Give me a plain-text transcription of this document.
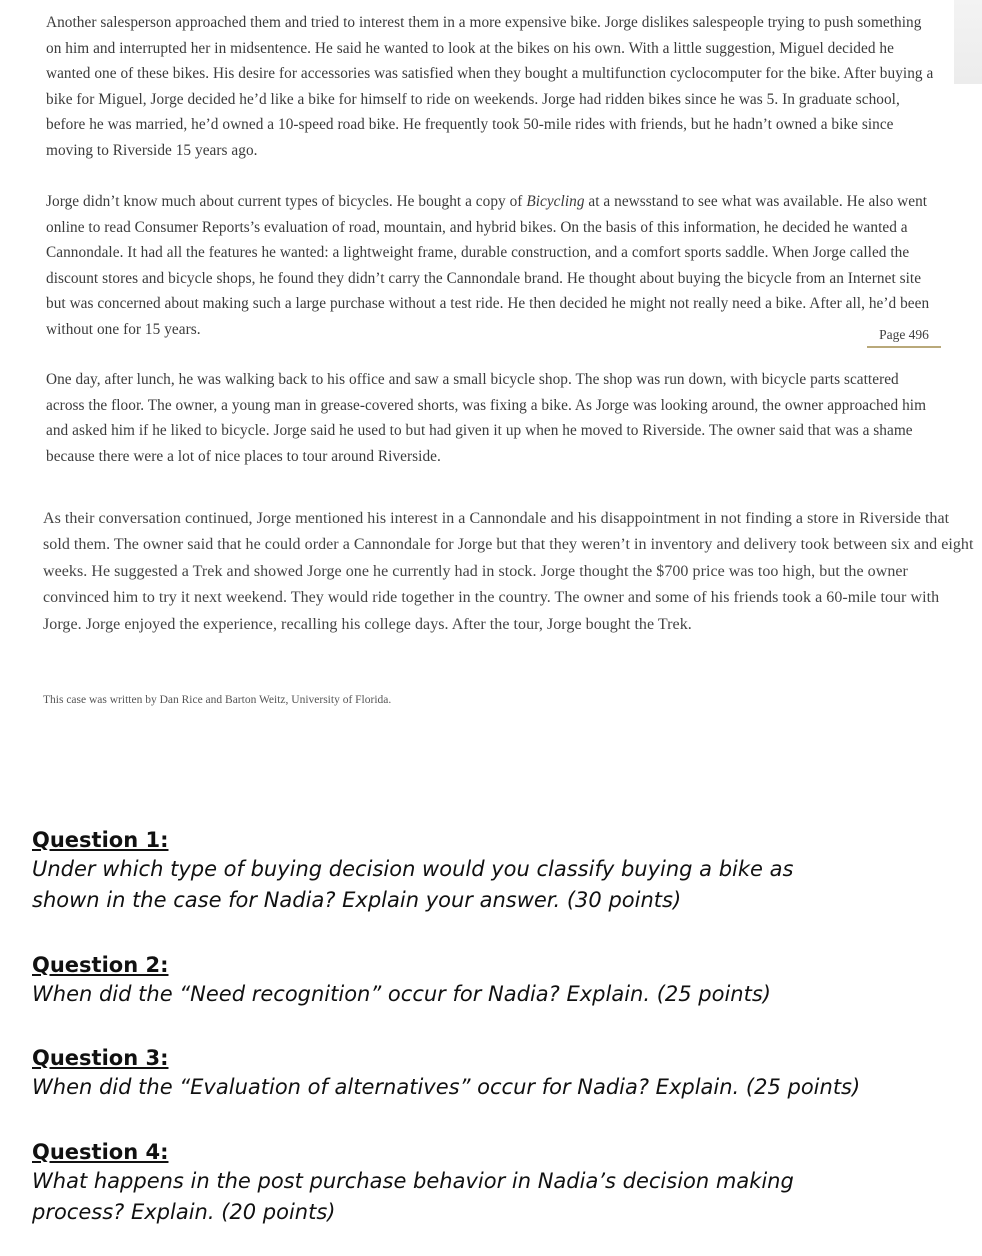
Another salesperson approached them and tried to interest them in a more expensive bike. Jorge dislikes salespeople trying to push something on him and interrupted her in midsentence. He said he wanted to look at the bikes on his own. With a little suggestion, Miguel decided he wanted one of these bikes. His desire for accessories was satisfied when they bought a multifunction cyclocomputer for the bike. After buying a bike for Miguel, Jorge decided he’d like a bike for himself to ride on weekends. Jorge had ridden bikes since he was 5. In graduate school, before he was married, he’d owned a 10-speed road bike. He frequently took 50-mile rides with friends, but he hadn’t owned a bike since moving to Riverside 15 years ago.

Jorge didn’t know much about current types of bicycles. He bought a copy of Bicycling at a newsstand to see what was available. He also went online to read Consumer Reports’s evaluation of road, mountain, and hybrid bikes. On the basis of this information, he decided he wanted a Cannondale. It had all the features he wanted: a lightweight frame, durable construction, and a comfort sports saddle. When Jorge called the discount stores and bicycle shops, he found they didn’t carry the Cannondale brand. He thought about buying the bicycle from an Internet site but was concerned about making such a large purchase without a test ride. He then decided he might not really need a bike. After all, he’d been without one for 15 years.	Page 496

One day, after lunch, he was walking back to his office and saw a small bicycle shop. The shop was run down, with bicycle parts scattered across the floor. The owner, a young man in grease-covered shorts, was fixing a bike. As Jorge was looking around, the owner approached him and asked him if he liked to bicycle. Jorge said he used to but had given it up when he moved to Riverside. The owner said that was a shame because there were a lot of nice places to tour around Riverside.

As their conversation continued, Jorge mentioned his interest in a Cannondale and his disappointment in not finding a store in Riverside that sold them. The owner said that he could order a Cannondale for Jorge but that they weren’t in inventory and delivery took between six and eight weeks. He suggested a Trek and showed Jorge one he currently had in stock. Jorge thought the $700 price was too high, but the owner convinced him to try it next weekend. They would ride together in the country. The owner and some of his friends took a 60-mile tour with Jorge. Jorge enjoyed the experience, recalling his college days. After the tour, Jorge bought the Trek.

This case was written by Dan Rice and Barton Weitz, University of Florida.

Question 1:

Under which type of buying decision would you classify buying a bike as shown in the case for Nadia? Explain your answer. (30 points)

Question 2:

When did the “Need recognition” occur for Nadia? Explain. (25 points)

Question 3:

When did the “Evaluation of alternatives” occur for Nadia? Explain. (25 points)

Question 4:

What happens in the post purchase behavior in Nadia’s decision making process? Explain. (20 points)
